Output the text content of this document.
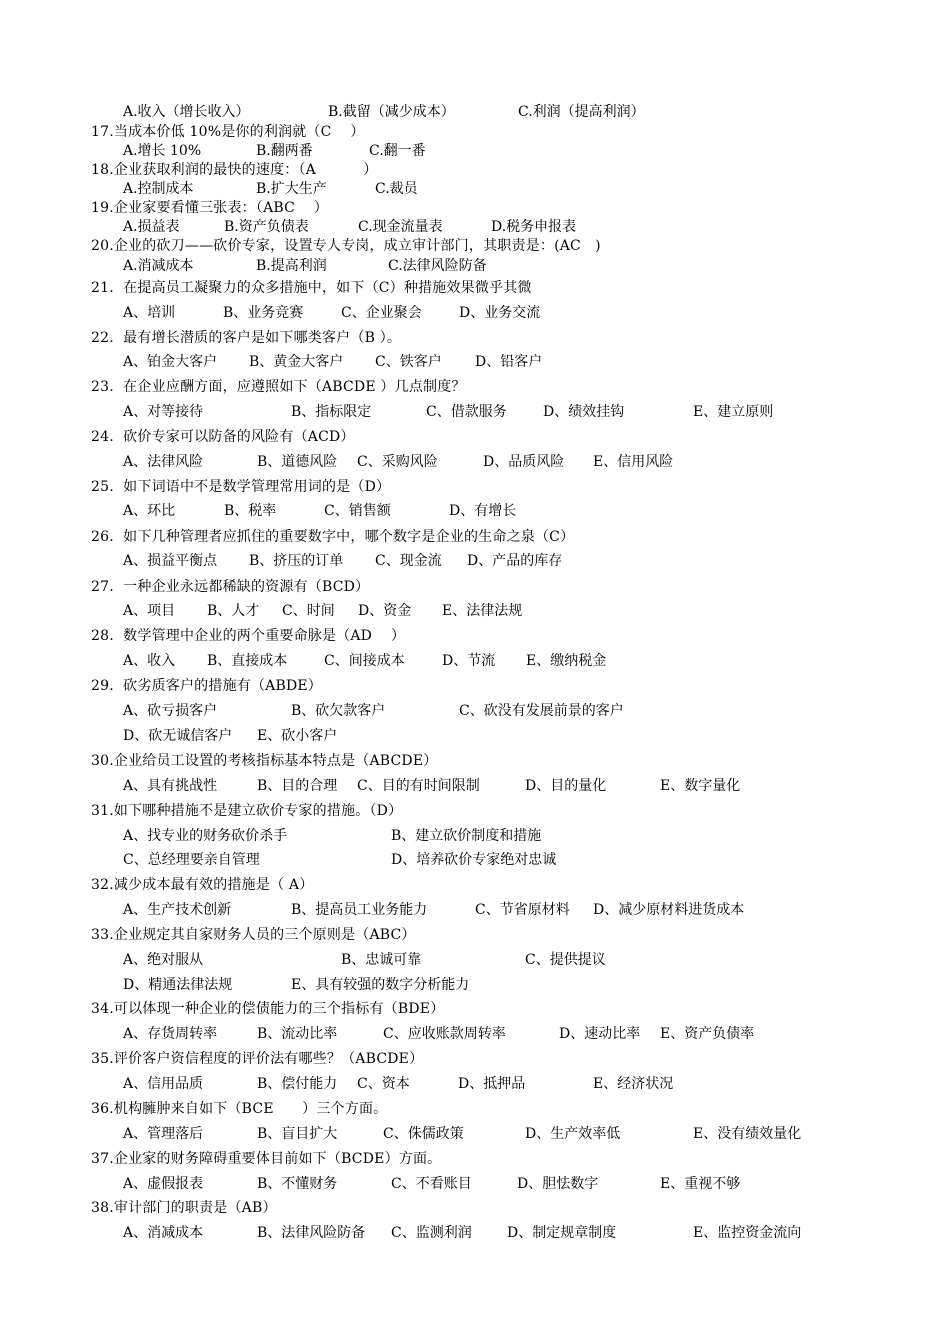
A.收入（增长收入）	B.截留（减少成本）	C.利润（提高利润）
17.当成本价低 10%是你的利润就（C　 ）
A.增长 10%	B.翻两番	C.翻一番
18.企业获取利润的最快的速度：（A　　　 ）
A.控制成本	B.扩大生产	C.裁员
19.企业家要看懂三张表：（ABC　 ）
A.损益表	B.资产负债表	C.现金流量表	D.税务申报表
20.企业的砍刀——砍价专家，设置专人专岗，成立审计部门，其职责是：(AC　)
A.消减成本	B.提高利润	C.法律风险防备
21.  在提高员工凝聚力的众多措施中，如下（C）种措施效果微乎其微
A、培训	B、业务竞赛	C、企业聚会	D、业务交流
22.  最有增长潜质的客户是如下哪类客户（B ）。
A、铂金大客户 B、黄金大客户 C、铁客户 D、铅客户
23.  在企业应酬方面，应遵照如下（ABCDE ）几点制度？
A、对等接待	B、指标限定	C、借款服务	D、绩效挂钩	E、建立原则
24.  砍价专家可以防备的风险有（ACD）
A、法律风险	B、道德风险 C、采购风险	D、品质风险 E、信用风险
25.  如下词语中不是数学管理常用词的是（D）
A、环比	B、税率	C、销售额	D、有增长
26.  如下几种管理者应抓住的重要数字中，哪个数字是企业的生命之泉（C）
A、损益平衡点 B、挤压的订单 C、现金流 D、产品的库存
27.  一种企业永远都稀缺的资源有（BCD）
A、项目 B、人才 C、时间 D、资金 E、法律法规
28.  数学管理中企业的两个重要命脉是（AD　 ）
A、收入 B、直接成本	C、间接成本	D、节流 E、缴纳税金
29.  砍劣质客户的措施有（ABDE）
A、砍亏损客户	B、砍欠款客户	C、砍没有发展前景的客户
D、砍无诚信客户 E、砍小客户
30.企业给员工设置的考核指标基本特点是（ABCDE）
A、具有挑战性	B、目的合理 C、目的有时间限制	D、目的量化	E、数字量化
31.如下哪种措施不是建立砍价专家的措施。（D）
A、找专业的财务砍价杀手	B、建立砍价制度和措施
C、总经理要亲自管理	D、培养砍价专家绝对忠诚
32.减少成本最有效的措施是（ A）
A、生产技术创新	B、提高员工业务能力	C、节省原材料 D、减少原材料进货成本
33.企业规定其自家财务人员的三个原则是（ABC）
A、绝对服从	B、忠诚可靠	C、提供提议
D、精通法律法规	E、具有较强的数字分析能力
34.可以体现一种企业的偿债能力的三个指标有（BDE）
A、存货周转率	B、流动比率	C、应收账款周转率	D、速动比率 E、资产负债率
35.评价客户资信程度的评价法有哪些？（ABCDE）
A、信用品质	B、偿付能力 C、资本	D、抵押品	E、经济状况
36.机构臃肿来自如下（BCE　　）三个方面。
A、管理落后	B、盲目扩大	C、侏儒政策	D、生产效率低	E、没有绩效量化
37.企业家的财务障碍重要体目前如下（BCDE）方面。
A、虚假报表	B、不懂财务	C、不看账目	D、胆怯数字	E、重视不够
38.审计部门的职责是（AB）
A、消减成本	B、法律风险防备 C、监测利润	D、制定规章制度	E、监控资金流向
